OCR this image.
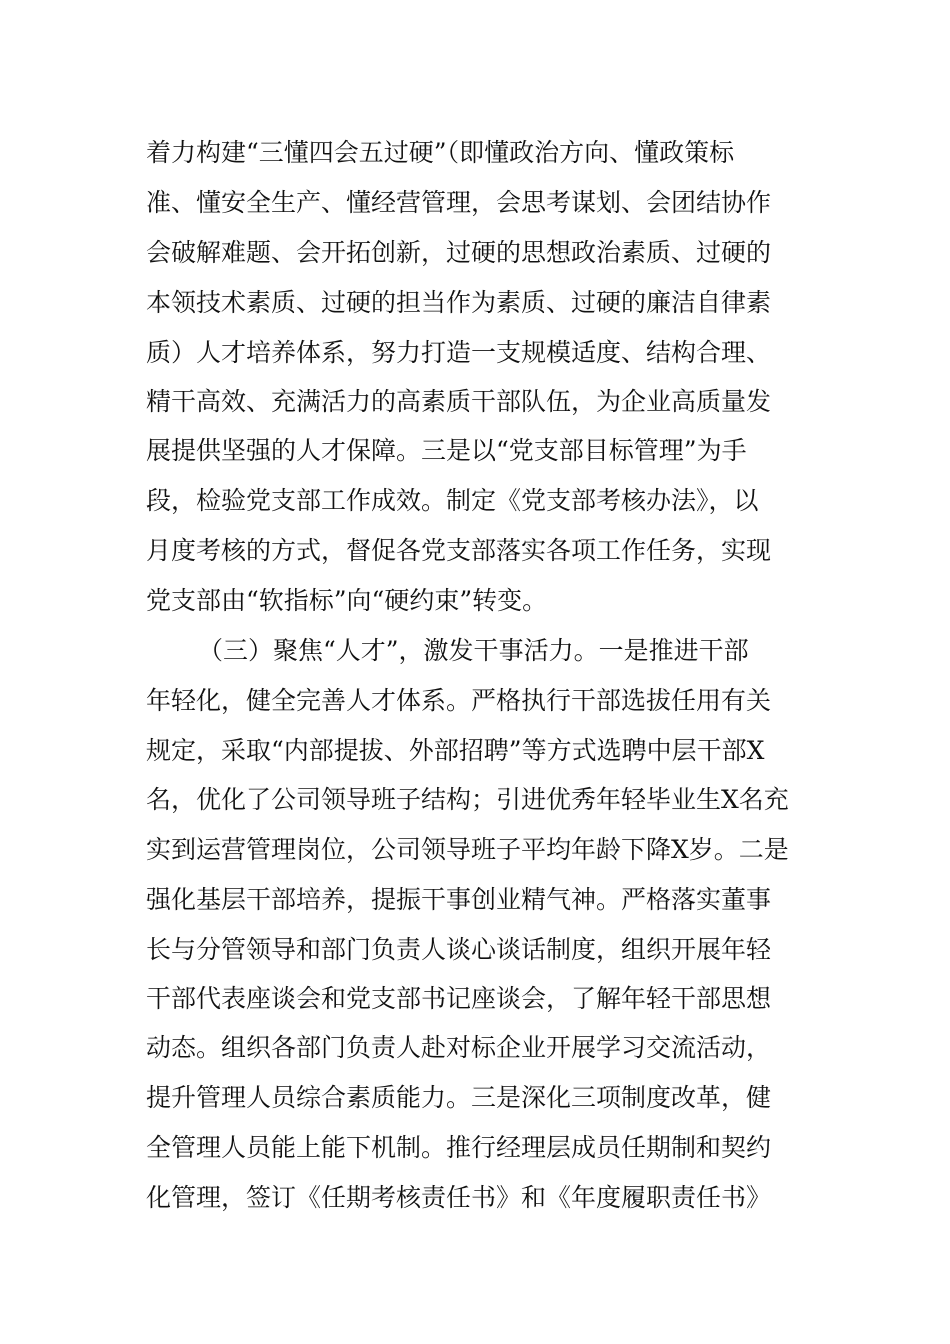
着力构建“三懂四会五过硬”（即懂政治方向、懂政策标
准、懂安全生产、懂经营管理，会思考谋划、会团结协作
会破解难题、会开拓创新，过硬的思想政治素质、过硬的
本领技术素质、过硬的担当作为素质、过硬的廉洁自律素
质）人才培养体系，努力打造一支规模适度、结构合理、
精干高效、充满活力的高素质干部队伍，为企业高质量发
展提供坚强的人才保障。三是以“党支部目标管理”为手
段，检验党支部工作成效。制定《党支部考核办法》，以
月度考核的方式，督促各党支部落实各项工作任务，实现
党支部由“软指标”向“硬约束”转变。
（三）聚焦“人才”，激发干事活力。一是推进干部
年轻化，健全完善人才体系。严格执行干部选拔任用有关
规定，采取“内部提拔、外部招聘”等方式选聘中层干部X
名，优化了公司领导班子结构；引进优秀年轻毕业生X名充
实到运营管理岗位，公司领导班子平均年龄下降X岁。二是
强化基层干部培养，提振干事创业精气神。严格落实董事
长与分管领导和部门负责人谈心谈话制度，组织开展年轻
干部代表座谈会和党支部书记座谈会，了解年轻干部思想
动态。组织各部门负责人赴对标企业开展学习交流活动，
提升管理人员综合素质能力。三是深化三项制度改革，健
全管理人员能上能下机制。推行经理层成员任期制和契约
化管理，签订《任期考核责任书》和《年度履职责任书》
